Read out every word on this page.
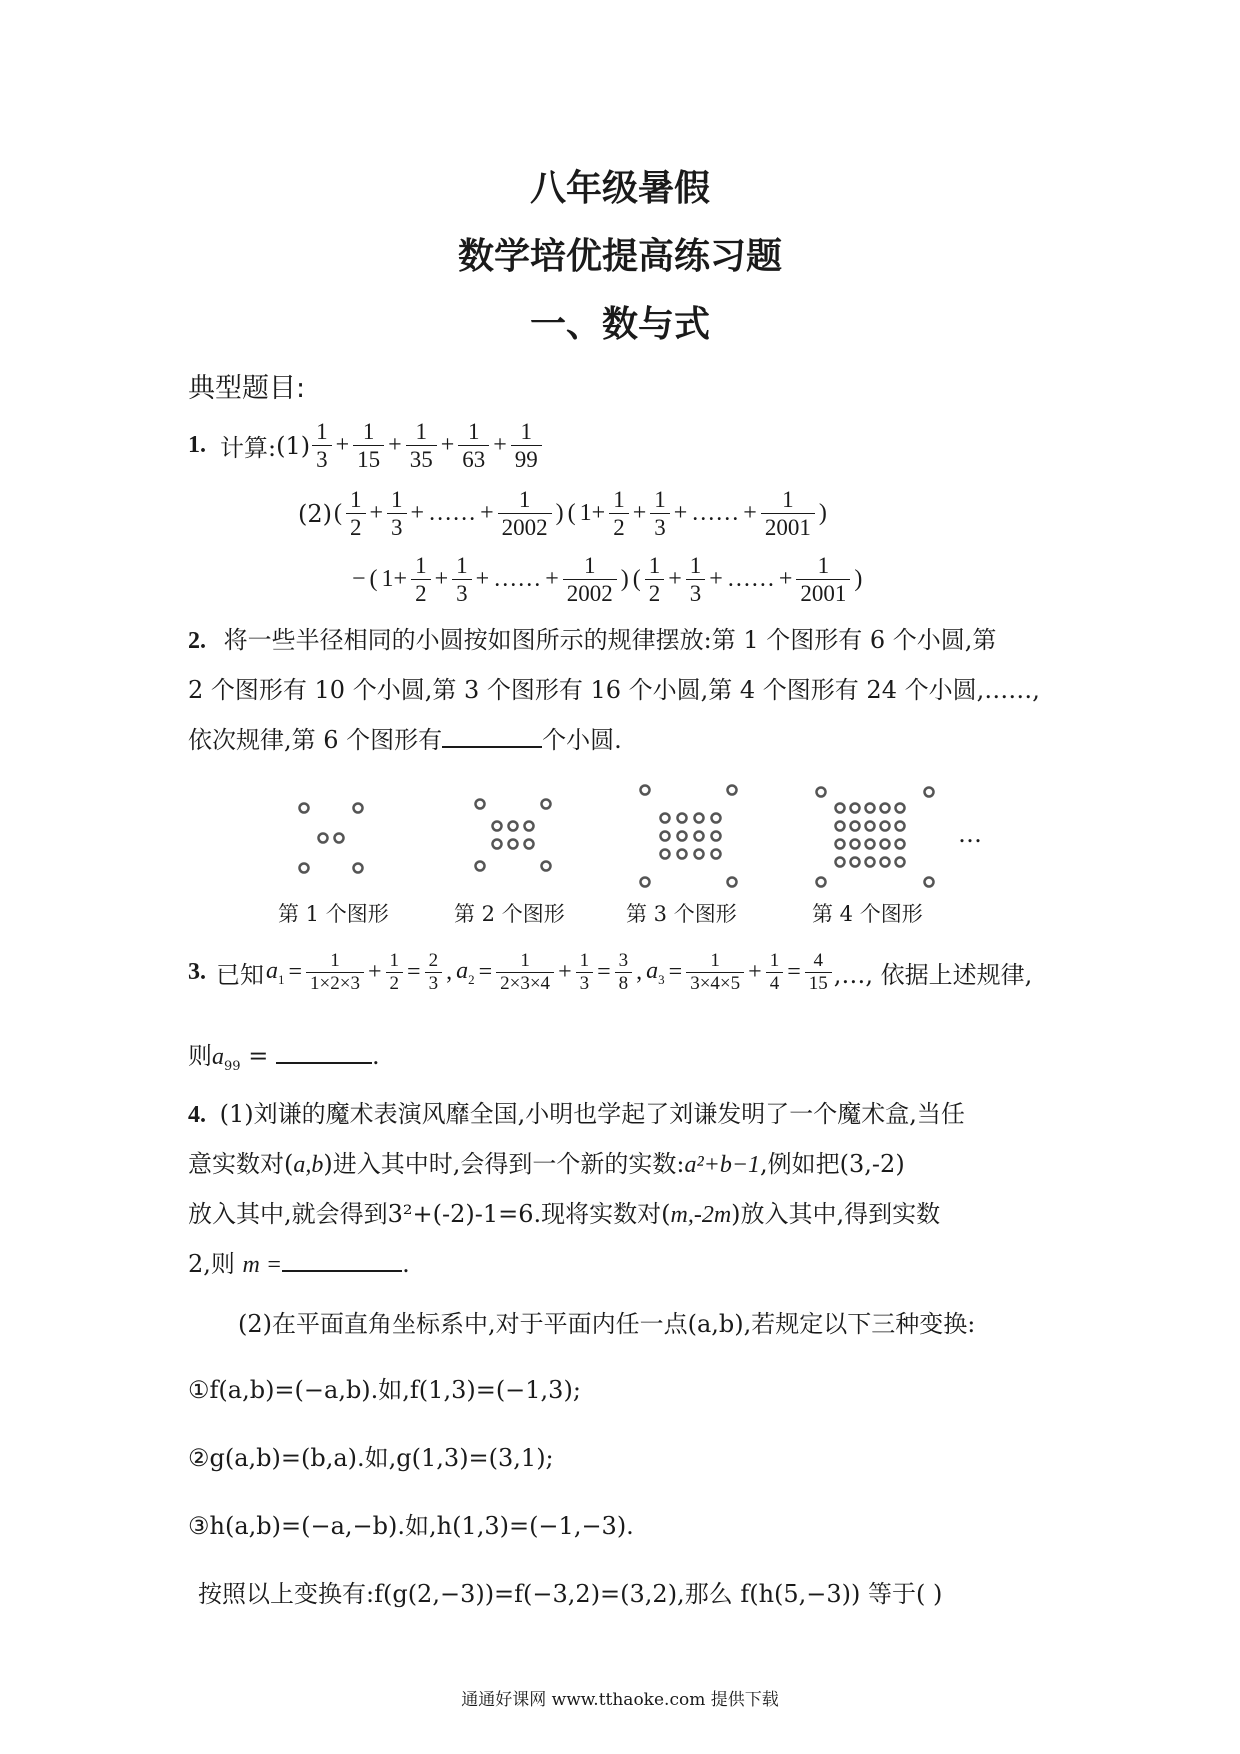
八年级暑假
数学培优提高练习题
一、数与式
典型题目:
1. 计算: $(1) \frac{1}{3} + \frac{1}{15} + \frac{1}{35} + \frac{1}{63} + \frac{1}{99}$
(2) ( $\frac{1}{2} + \frac{1}{3}$ + …… + $\frac{1}{2002}$ ) ( $1+ \frac{1}{2} + \frac{1}{3}$ + …… + $\frac{1}{2001}$ )
− ( $1+ \frac{1}{2} + \frac{1}{3}$ + …… + $\frac{1}{2002}$ ) ( $\frac{1}{2} + \frac{1}{3}$ + …… + $\frac{1}{2001}$ )
2. 将一些半径相同的小圆按如图所示的规律摆放:第 1 个图形有 6 个小圆,第
2 个图形有 10 个小圆,第 3 个图形有 16 个小圆,第 4 个图形有 24 个小圆,……,
依次规律,第 6 个图形有	个小圆.
…
第 1 个图形	第 2 个图形	第 3 个图形	第 4 个图形
3. 已知 $a_1 = \frac{1}{1\times 2\times 3} + \frac{1}{2} = \frac{2}{3}$ , $a_2 = \frac{1}{2\times 3\times 4} + \frac{1}{3} = \frac{3}{8}$ , $a_3 = \frac{1}{3\times 4\times 5} + \frac{1}{4} = \frac{4}{15}$ ,…, 依据上述规律,
则$a_{99}$ =	.
4. (1)刘谦的魔术表演风靡全国,小明也学起了刘谦发明了一个魔术盒,当任
意实数对(a,b)进入其中时,会得到一个新的实数:a²+b−1,例如把(3,-2)
放入其中,就会得到3²+(-2)-1=6.现将实数对(m,-2m)放入其中,得到实数
2,则 m =	.
(2)在平面直角坐标系中,对于平面内任一点(a,b),若规定以下三种变换:
①f(a,b)=(−a,b).如,f(1,3)=(−1,3);
②g(a,b)=(b,a).如,g(1,3)=(3,1);
③h(a,b)=(−a,−b).如,h(1,3)=(−1,−3).
按照以上变换有:f(g(2,−3))=f(−3,2)=(3,2),那么 f(h(5,−3)) 等于( )
通通好课网 www.tthaoke.com 提供下载
